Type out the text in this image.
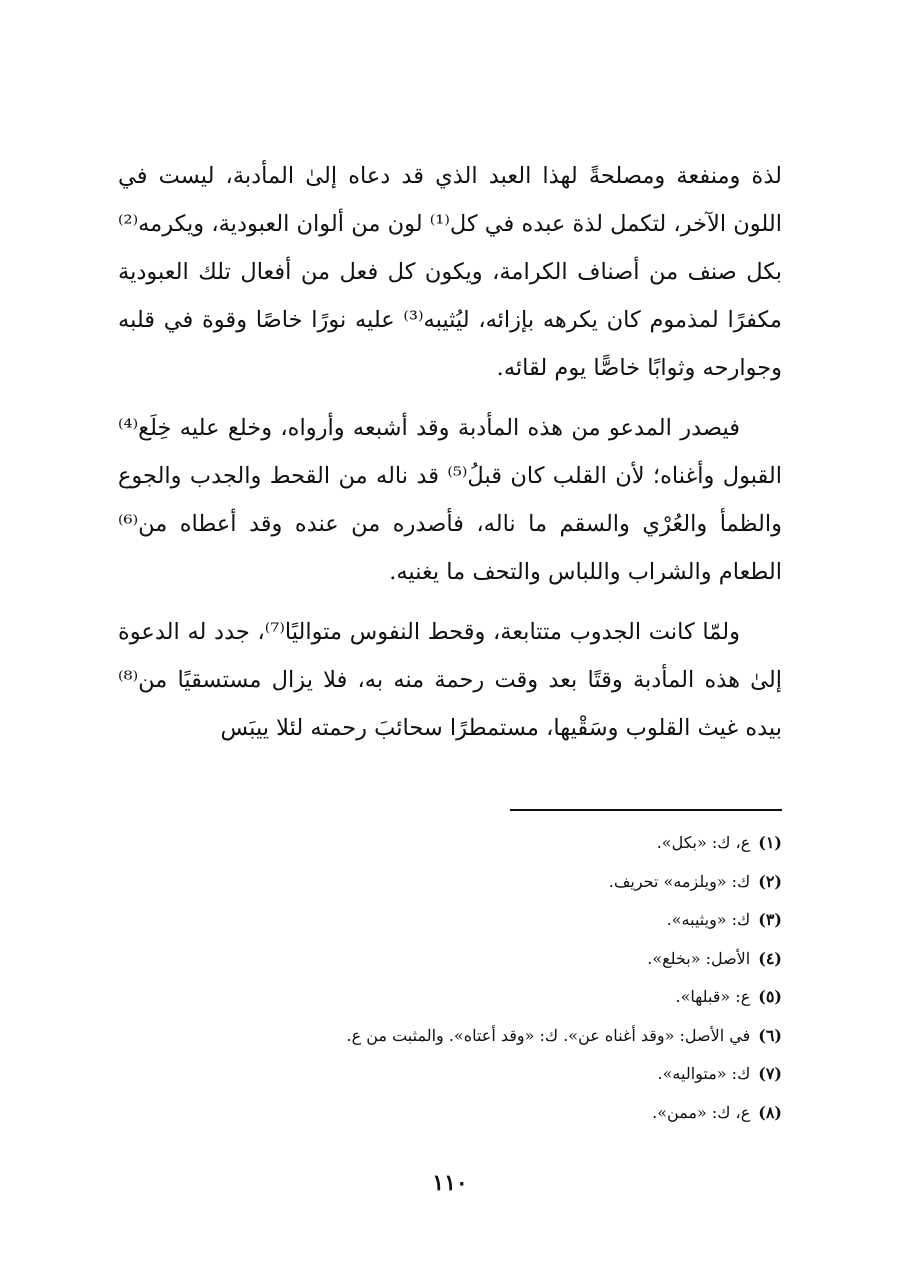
لذة ومنفعة ومصلحةً لهذا العبد الذي قد دعاه إلىٰ المأدبة، ليست في اللون الآخر، لتكمل لذة عبده في كل⁽¹⁾ لون من ألوان العبودية، ويكرمه⁽²⁾ بكل صنف من أصناف الكرامة، ويكون كل فعل من أفعال تلك العبودية مكفرًا لمذموم كان يكرهه بإزائه، ليُثيبه⁽³⁾ عليه نورًا خاصًا وقوة في قلبه وجوارحه وثوابًا خاصًّا يوم لقائه.

فيصدر المدعو من هذه المأدبة وقد أشبعه وأرواه، وخلع عليه خِلَع⁽⁴⁾ القبول وأغناه؛ لأن القلب كان قبلُ⁽⁵⁾ قد ناله من القحط والجدب والجوع والظمأ والعُرْي والسقم ما ناله، فأصدره من عنده وقد أعطاه من⁽⁶⁾ الطعام والشراب واللباس والتحف ما يغنيه.

ولمّا كانت الجدوب متتابعة، وقحط النفوس متواليًا⁽⁷⁾، جدد له الدعوة إلىٰ هذه المأدبة وقتًا بعد وقت رحمة منه به، فلا يزال مستسقيًا من⁽⁸⁾ بيده غيث القلوب وسَقْيها، مستمطرًا سحائبَ رحمته لئلا ييبَس

(١)ع، ك: «بكل».
(٢)ك: «ويلزمه» تحريف.
(٣)ك: «ويثيبه».
(٤)الأصل: «بخلع».
(٥)ع: «قبلها».
(٦)في الأصل: «وقد أغناه عن». ك: «وقد أعتاه». والمثبت من ع.
(٧)ك: «متواليه».
(٨)ع، ك: «ممن».
١١٠
